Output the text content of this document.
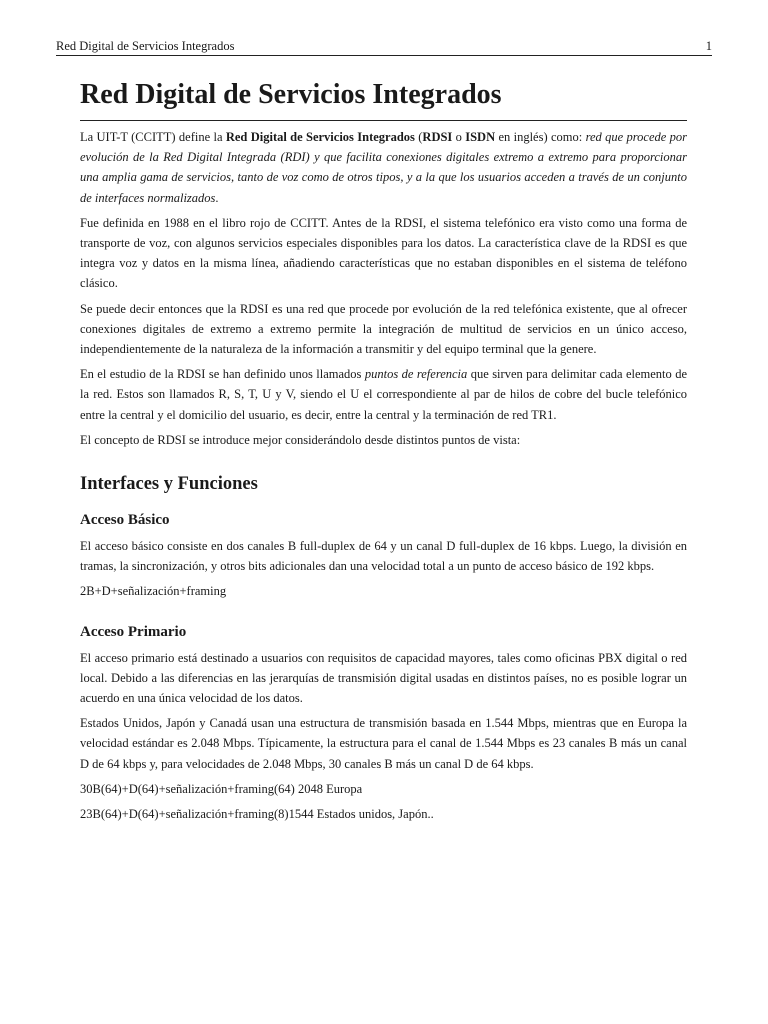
Red Digital de Servicios Integrados	1
Red Digital de Servicios Integrados

La UIT-T (CCITT) define la Red Digital de Servicios Integrados (RDSI o ISDN en inglés) como: red que procede por evolución de la Red Digital Integrada (RDI) y que facilita conexiones digitales extremo a extremo para proporcionar una amplia gama de servicios, tanto de voz como de otros tipos, y a la que los usuarios acceden a través de un conjunto de interfaces normalizados.

Fue definida en 1988 en el libro rojo de CCITT. Antes de la RDSI, el sistema telefónico era visto como una forma de transporte de voz, con algunos servicios especiales disponibles para los datos. La característica clave de la RDSI es que integra voz y datos en la misma línea, añadiendo características que no estaban disponibles en el sistema de teléfono clásico.

Se puede decir entonces que la RDSI es una red que procede por evolución de la red telefónica existente, que al ofrecer conexiones digitales de extremo a extremo permite la integración de multitud de servicios en un único acceso, independientemente de la naturaleza de la información a transmitir y del equipo terminal que la genere.

En el estudio de la RDSI se han definido unos llamados puntos de referencia que sirven para delimitar cada elemento de la red. Estos son llamados R, S, T, U y V, siendo el U el correspondiente al par de hilos de cobre del bucle telefónico entre la central y el domicilio del usuario, es decir, entre la central y la terminación de red TR1.

El concepto de RDSI se introduce mejor considerándolo desde distintos puntos de vista:

Interfaces y Funciones
Acceso Básico

El acceso básico consiste en dos canales B full-duplex de 64 y un canal D full-duplex de 16 kbps. Luego, la división en tramas, la sincronización, y otros bits adicionales dan una velocidad total a un punto de acceso básico de 192 kbps.

2B+D+señalización+framing

Acceso Primario

El acceso primario está destinado a usuarios con requisitos de capacidad mayores, tales como oficinas PBX digital o red local. Debido a las diferencias en las jerarquías de transmisión digital usadas en distintos países, no es posible lograr un acuerdo en una única velocidad de los datos.

Estados Unidos, Japón y Canadá usan una estructura de transmisión basada en 1.544 Mbps, mientras que en Europa la velocidad estándar es 2.048 Mbps. Típicamente, la estructura para el canal de 1.544 Mbps es 23 canales B más un canal D de 64 kbps y, para velocidades de 2.048 Mbps, 30 canales B más un canal D de 64 kbps.

30B(64)+D(64)+señalización+framing(64) 2048 Europa

23B(64)+D(64)+señalización+framing(8)1544 Estados unidos, Japón..
